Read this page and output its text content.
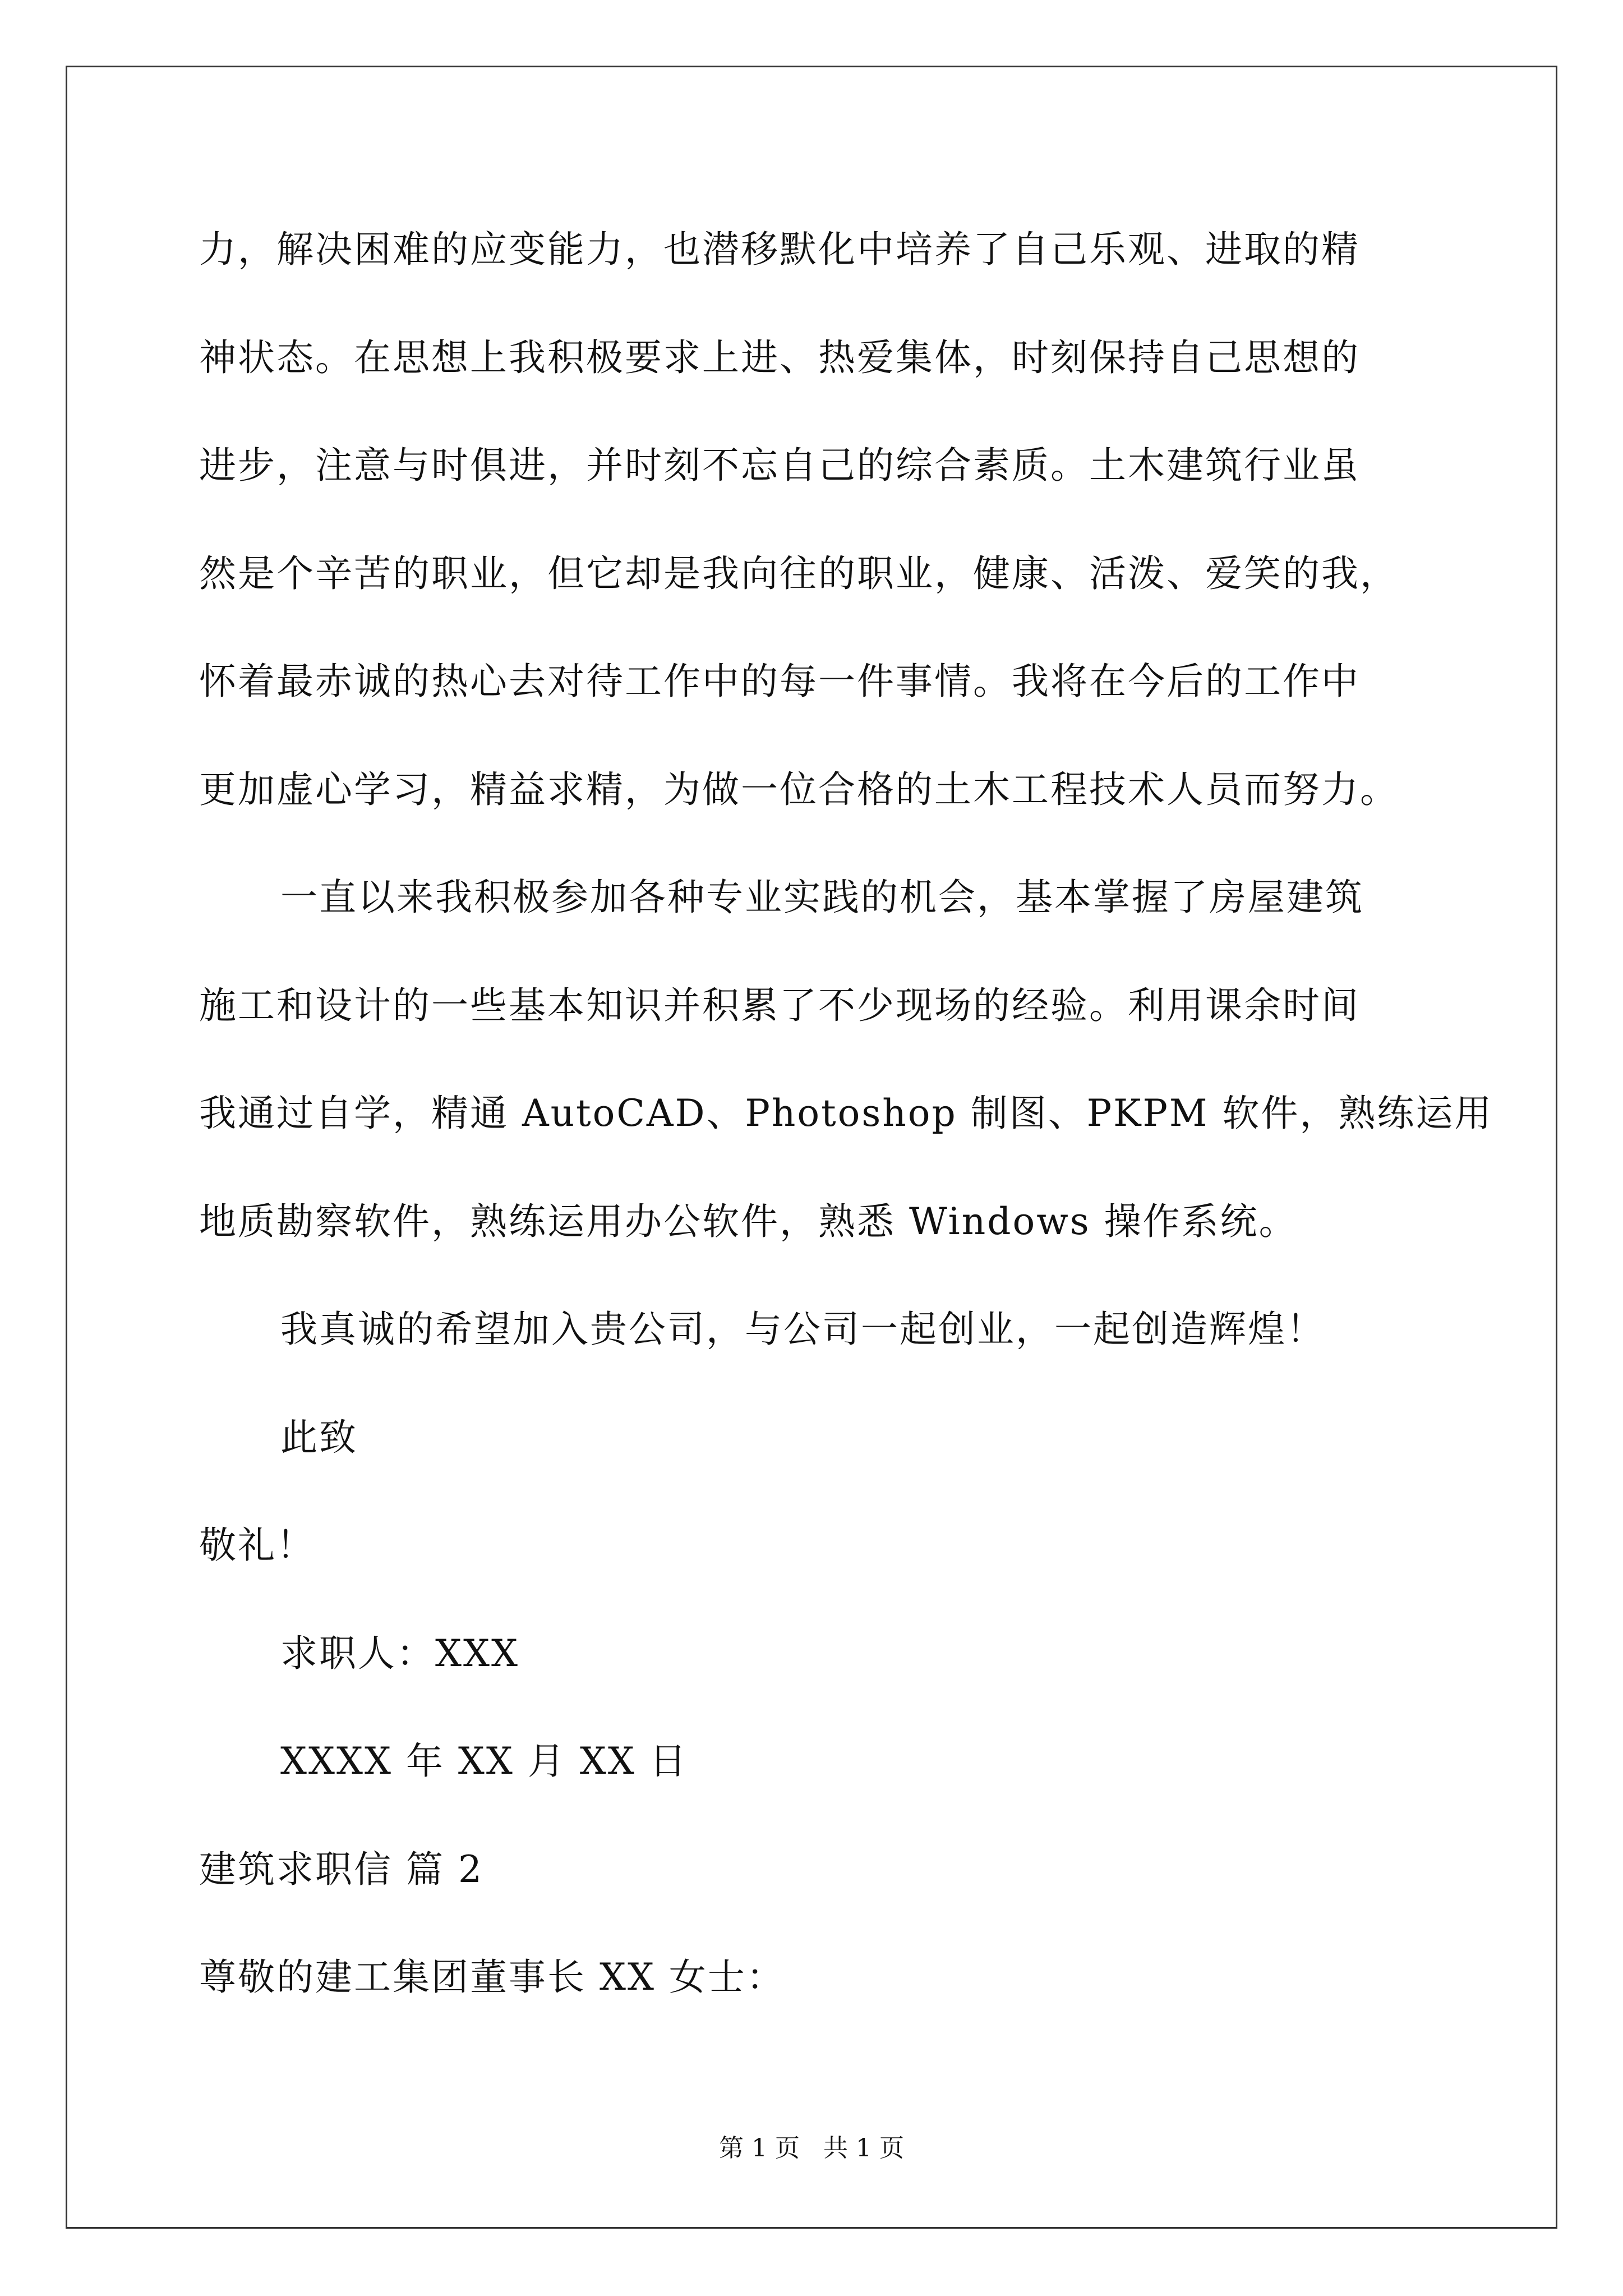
力，解决困难的应变能力，也潜移默化中培养了自己乐观、进取的精
神状态。在思想上我积极要求上进、热爱集体，时刻保持自己思想的
进步，注意与时俱进，并时刻不忘自己的综合素质。土木建筑行业虽
然是个辛苦的职业，但它却是我向往的职业，健康、活泼、爱笑的我，
怀着最赤诚的热心去对待工作中的每一件事情。我将在今后的工作中
更加虚心学习，精益求精，为做一位合格的土木工程技术人员而努力。
一直以来我积极参加各种专业实践的机会，基本掌握了房屋建筑
施工和设计的一些基本知识并积累了不少现场的经验。利用课余时间
我通过自学，精通 AutoCAD、Photoshop 制图、PKPM 软件，熟练运用
地质勘察软件，熟练运用办公软件，熟悉 Windows 操作系统。
我真诚的希望加入贵公司，与公司一起创业，一起创造辉煌！
此致
敬礼！
求职人：XXX
XXXX 年 XX 月 XX 日
建筑求职信 篇 2
尊敬的建工集团董事长 XX 女士：
第 1 页   共 1 页
